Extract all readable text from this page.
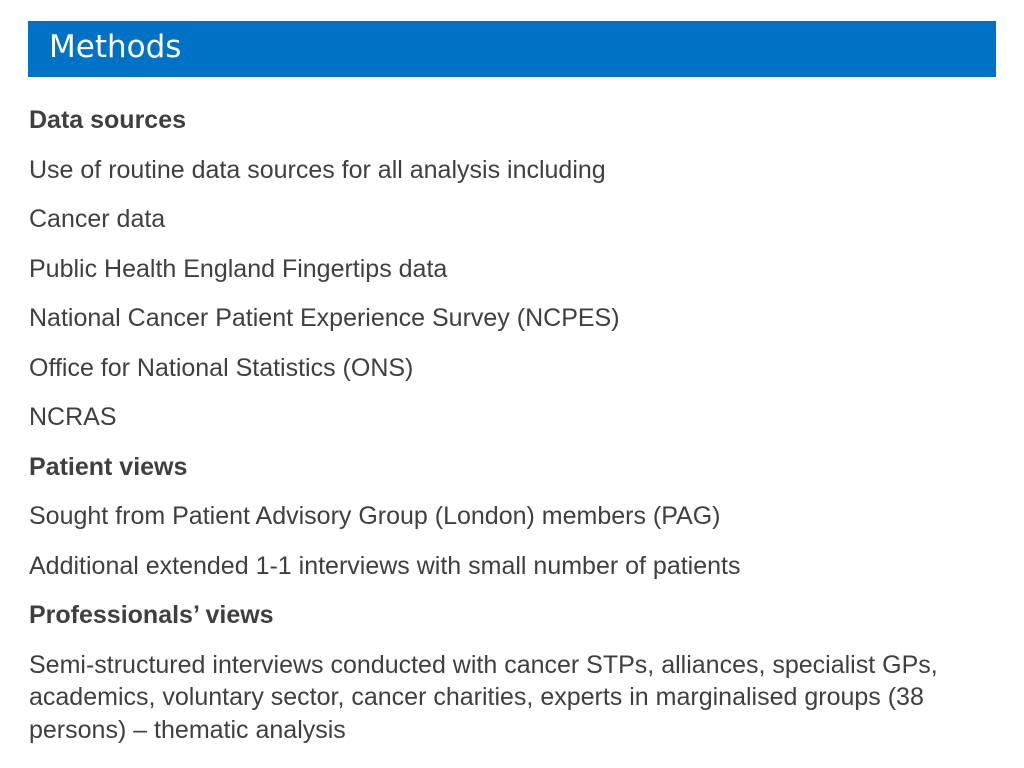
Methods

Data sources

Use of routine data sources for all analysis including

Cancer data

Public Health England Fingertips data

National Cancer Patient Experience Survey (NCPES)

Office for National Statistics (ONS)

NCRAS

Patient views

Sought from Patient Advisory Group (London) members (PAG)

Additional extended 1-1 interviews with small number of patients

Professionals’ views

Semi-structured interviews conducted with cancer STPs, alliances, specialist GPs, academics, voluntary sector, cancer charities, experts in marginalised groups (38 persons) – thematic analysis
